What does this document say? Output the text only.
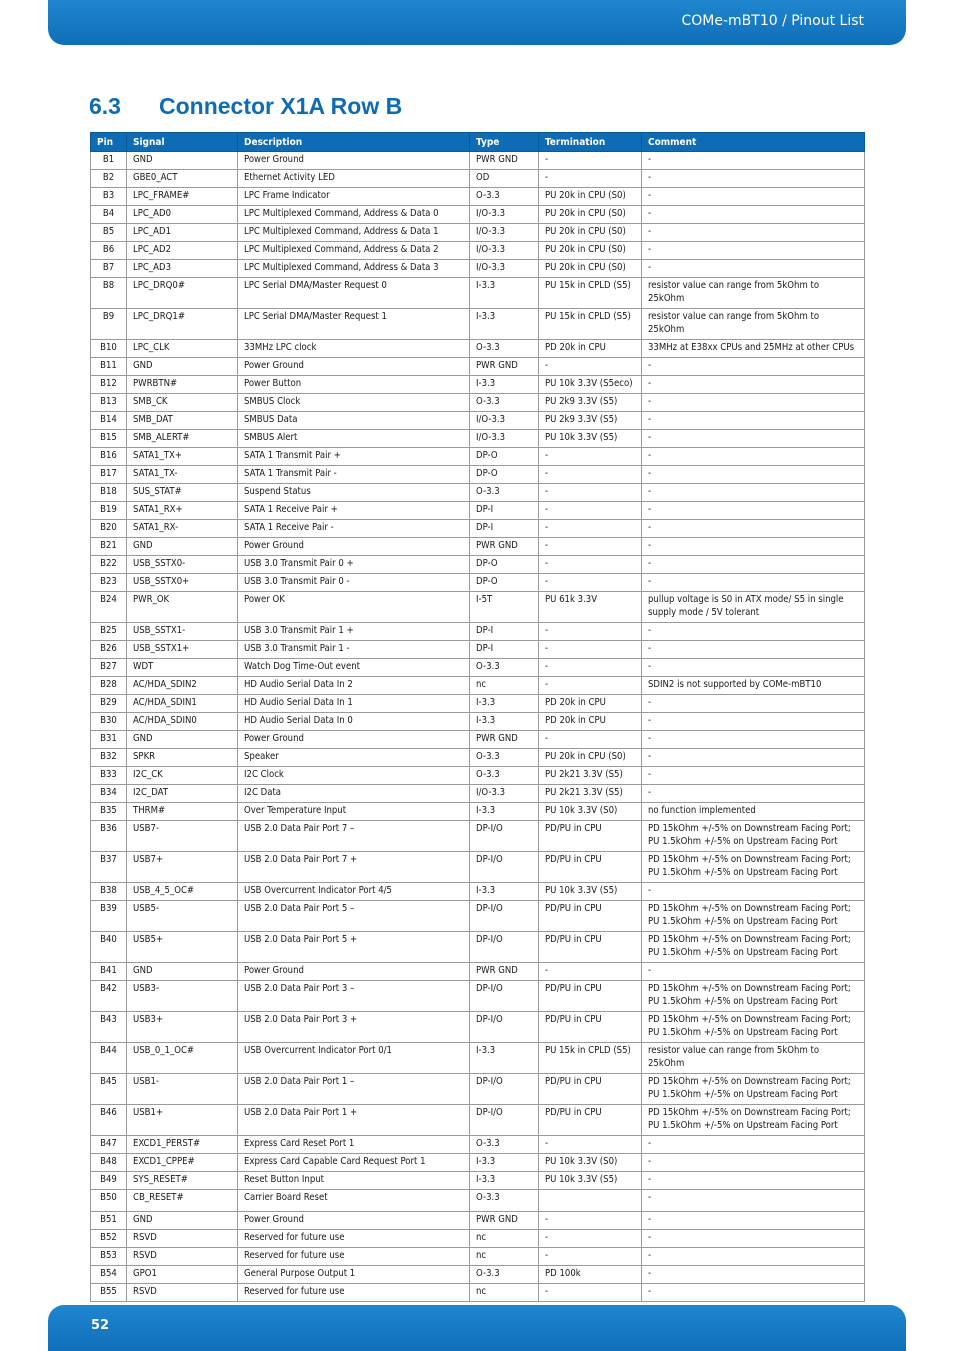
COMe-mBT10 / Pinout List
6.3	Connector X1A Row B
Pin	Signal	Description	Type	Termination	Comment
B1	GND	Power Ground	PWR GND	-	-
B2	GBE0_ACT	Ethernet Activity LED	OD	-	-
B3	LPC_FRAME#	LPC Frame Indicator	O-3.3	PU 20k in CPU (S0)	-
B4	LPC_AD0	LPC Multiplexed Command, Address & Data 0	I/O-3.3	PU 20k in CPU (S0)	-
B5	LPC_AD1	LPC Multiplexed Command, Address & Data 1	I/O-3.3	PU 20k in CPU (S0)	-
B6	LPC_AD2	LPC Multiplexed Command, Address & Data 2	I/O-3.3	PU 20k in CPU (S0)	-
B7	LPC_AD3	LPC Multiplexed Command, Address & Data 3	I/O-3.3	PU 20k in CPU (S0)	-
B8	LPC_DRQ0#	LPC Serial DMA/Master Request 0	I-3.3	PU 15k in CPLD (S5)	resistor value can range from 5kOhm to 25kOhm
B9	LPC_DRQ1#	LPC Serial DMA/Master Request 1	I-3.3	PU 15k in CPLD (S5)	resistor value can range from 5kOhm to 25kOhm
B10	LPC_CLK	33MHz LPC clock	O-3.3	PD 20k in CPU	33MHz at E38xx CPUs and 25MHz at other CPUs
B11	GND	Power Ground	PWR GND	-	-
B12	PWRBTN#	Power Button	I-3.3	PU 10k 3.3V (S5eco)	-
B13	SMB_CK	SMBUS Clock	O-3.3	PU 2k9 3.3V (S5)	-
B14	SMB_DAT	SMBUS Data	I/O-3.3	PU 2k9 3.3V (S5)	-
B15	SMB_ALERT#	SMBUS Alert	I/O-3.3	PU 10k 3.3V (S5)	-
B16	SATA1_TX+	SATA 1 Transmit Pair +	DP-O	-	-
B17	SATA1_TX-	SATA 1 Transmit Pair -	DP-O	-	-
B18	SUS_STAT#	Suspend Status	O-3.3	-	-
B19	SATA1_RX+	SATA 1 Receive Pair +	DP-I	-	-
B20	SATA1_RX-	SATA 1 Receive Pair -	DP-I	-	-
B21	GND	Power Ground	PWR GND	-	-
B22	USB_SSTX0-	USB 3.0 Transmit Pair 0 +	DP-O	-	-
B23	USB_SSTX0+	USB 3.0 Transmit Pair 0 -	DP-O	-	-
B24	PWR_OK	Power OK	I-5T	PU 61k 3.3V	pullup voltage is S0 in ATX mode/ S5 in single supply mode / 5V tolerant
B25	USB_SSTX1-	USB 3.0 Transmit Pair 1 +	DP-I	-	-
B26	USB_SSTX1+	USB 3.0 Transmit Pair 1 -	DP-I	-	-
B27	WDT	Watch Dog Time-Out event	O-3.3	-	-
B28	AC/HDA_SDIN2	HD Audio Serial Data In 2	nc	-	SDIN2 is not supported by COMe-mBT10
B29	AC/HDA_SDIN1	HD Audio Serial Data In 1	I-3.3	PD 20k in CPU	-
B30	AC/HDA_SDIN0	HD Audio Serial Data In 0	I-3.3	PD 20k in CPU	-
B31	GND	Power Ground	PWR GND	-	-
B32	SPKR	Speaker	O-3.3	PU 20k in CPU (S0)	-
B33	I2C_CK	I2C Clock	O-3.3	PU 2k21 3.3V (S5)	-
B34	I2C_DAT	I2C Data	I/O-3.3	PU 2k21 3.3V (S5)	-
B35	THRM#	Over Temperature Input	I-3.3	PU 10k 3.3V (S0)	no function implemented
B36	USB7-	USB 2.0 Data Pair Port 7 –	DP-I/O	PD/PU in CPU	PD 15kOhm +/-5% on Downstream Facing Port; PU 1.5kOhm +/-5% on Upstream Facing Port
B37	USB7+	USB 2.0 Data Pair Port 7 +	DP-I/O	PD/PU in CPU	PD 15kOhm +/-5% on Downstream Facing Port; PU 1.5kOhm +/-5% on Upstream Facing Port
B38	USB_4_5_OC#	USB Overcurrent Indicator Port 4/5	I-3.3	PU 10k 3.3V (S5)	-
B39	USB5-	USB 2.0 Data Pair Port 5 –	DP-I/O	PD/PU in CPU	PD 15kOhm +/-5% on Downstream Facing Port; PU 1.5kOhm +/-5% on Upstream Facing Port
B40	USB5+	USB 2.0 Data Pair Port 5 +	DP-I/O	PD/PU in CPU	PD 15kOhm +/-5% on Downstream Facing Port; PU 1.5kOhm +/-5% on Upstream Facing Port
B41	GND	Power Ground	PWR GND	-	-
B42	USB3-	USB 2.0 Data Pair Port 3 –	DP-I/O	PD/PU in CPU	PD 15kOhm +/-5% on Downstream Facing Port; PU 1.5kOhm +/-5% on Upstream Facing Port
B43	USB3+	USB 2.0 Data Pair Port 3 +	DP-I/O	PD/PU in CPU	PD 15kOhm +/-5% on Downstream Facing Port; PU 1.5kOhm +/-5% on Upstream Facing Port
B44	USB_0_1_OC#	USB Overcurrent Indicator Port 0/1	I-3.3	PU 15k in CPLD (S5)	resistor value can range from 5kOhm to 25kOhm
B45	USB1-	USB 2.0 Data Pair Port 1 –	DP-I/O	PD/PU in CPU	PD 15kOhm +/-5% on Downstream Facing Port; PU 1.5kOhm +/-5% on Upstream Facing Port
B46	USB1+	USB 2.0 Data Pair Port 1 +	DP-I/O	PD/PU in CPU	PD 15kOhm +/-5% on Downstream Facing Port; PU 1.5kOhm +/-5% on Upstream Facing Port
B47	EXCD1_PERST#	Express Card Reset Port 1	O-3.3	-	-
B48	EXCD1_CPPE#	Express Card Capable Card Request Port 1	I-3.3	PU 10k 3.3V (S0)	-
B49	SYS_RESET#	Reset Button Input	I-3.3	PU 10k 3.3V (S5)	-
B50	CB_RESET#	Carrier Board Reset	O-3.3		-
B51	GND	Power Ground	PWR GND	-	-
B52	RSVD	Reserved for future use	nc	-	-
B53	RSVD	Reserved for future use	nc	-	-
B54	GPO1	General Purpose Output 1	O-3.3	PD 100k	-
B55	RSVD	Reserved for future use	nc	-	-
52
